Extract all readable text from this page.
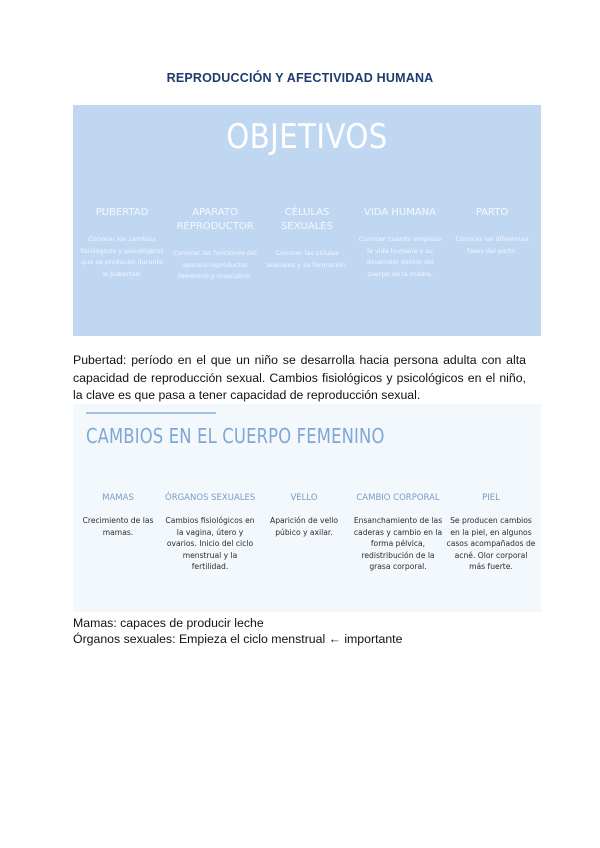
REPRODUCCIÓN Y AFECTIVIDAD HUMANA
OBJETIVOS
PUBERTAD
Conocer los cambios fisiológicos y psicológicos que se producen durante la pubertad.
APARATO REPRODUCTOR
Conocer las funciones del aparato reproductor femenino y masculino.
CÉLULAS SEXUALES
Conocer las células sexuales y su formación.
VIDA HUMANA
Conocer cuando empieza la vida humana y su desarrollo dentro del cuerpo de la madre.
PARTO
Conocer las diferentes fases del parto.
Pubertad: período en el que un niño se desarrolla hacia persona adulta con alta capacidad de reproducción sexual. Cambios fisiológicos y psicológicos en el niño, la clave es que pasa a tener capacidad de reproducción sexual.
CAMBIOS EN EL CUERPO FEMENINO
MAMAS
Crecimiento de las mamas.
ÓRGANOS SEXUALES
Cambios fisiológicos en la vagina, útero y ovarios. Inicio del ciclo menstrual y la fertilidad.
VELLO
Aparición de vello púbico y axilar.
CAMBIO CORPORAL
Ensanchamiento de las caderas y cambio en la forma pélvica, redistribución de la grasa corporal.
PIEL
Se producen cambios en la piel, en algunos casos acompañados de acné. Olor corporal más fuerte.
Mamas: capaces de producir leche
Órganos sexuales: Empieza el ciclo menstrual ← importante
